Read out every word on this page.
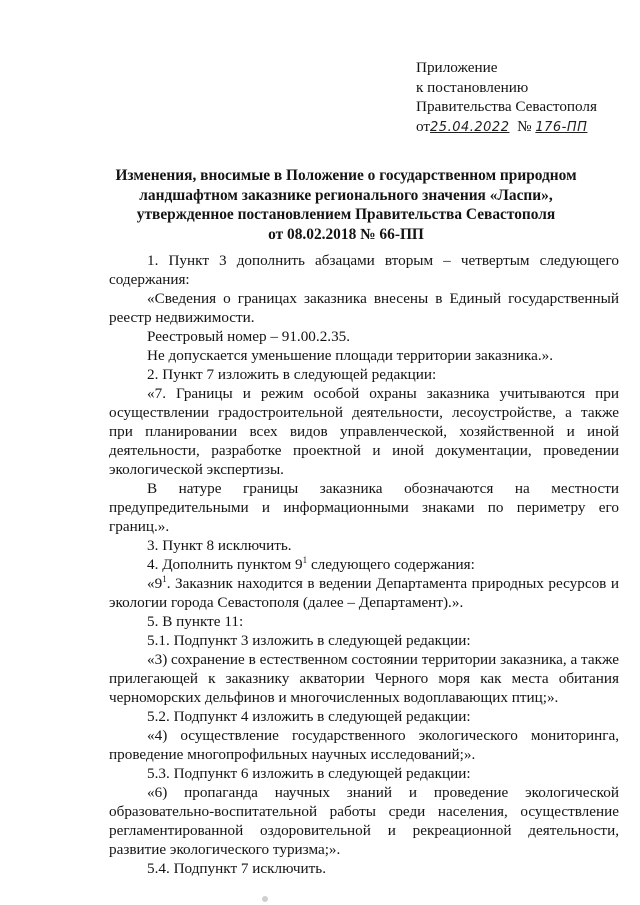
Приложение
к постановлению
Правительства Севастополя
от25.04.2022 № 176-ПП
Изменения, вносимые в Положение о государственном природном
ландшафтном заказнике регионального значения «Ласпи»,
утвержденное постановлением Правительства Севастополя
от 08.02.2018 № 66-ПП

1. Пункт 3 дополнить абзацами вторым – четвертым следующего содержания:

«Сведения о границах заказника внесены в Единый государственный реестр недвижимости.

Реестровый номер – 91.00.2.35.

Не допускается уменьшение площади территории заказника.».

2. Пункт 7 изложить в следующей редакции:

«7. Границы и режим особой охраны заказника учитываются при осуществлении градостроительной деятельности, лесоустройстве, а также при планировании всех видов управленческой, хозяйственной и иной деятельности, разработке проектной и иной документации, проведении экологической экспертизы.

В натуре границы заказника обозначаются на местности предупредительными и информационными знаками по периметру его границ.».

3. Пункт 8 исключить.

4. Дополнить пунктом $9^1$ следующего содержания:

«$9^1$. Заказник находится в ведении Департамента природных ресурсов и экологии города Севастополя (далее – Департамент).».

5. В пункте 11:

5.1. Подпункт 3 изложить в следующей редакции:

«3) сохранение в естественном состоянии территории заказника, а также прилегающей к заказнику акватории Черного моря как места обитания черноморских дельфинов и многочисленных водоплавающих птиц;».

5.2. Подпункт 4 изложить в следующей редакции:

«4) осуществление государственного экологического мониторинга, проведение многопрофильных научных исследований;».

5.3. Подпункт 6 изложить в следующей редакции:

«6) пропаганда научных знаний и проведение экологической образовательно-воспитательной работы среди населения, осуществление регламентированной оздоровительной и рекреационной деятельности, развитие экологического туризма;».

5.4. Подпункт 7 исключить.
